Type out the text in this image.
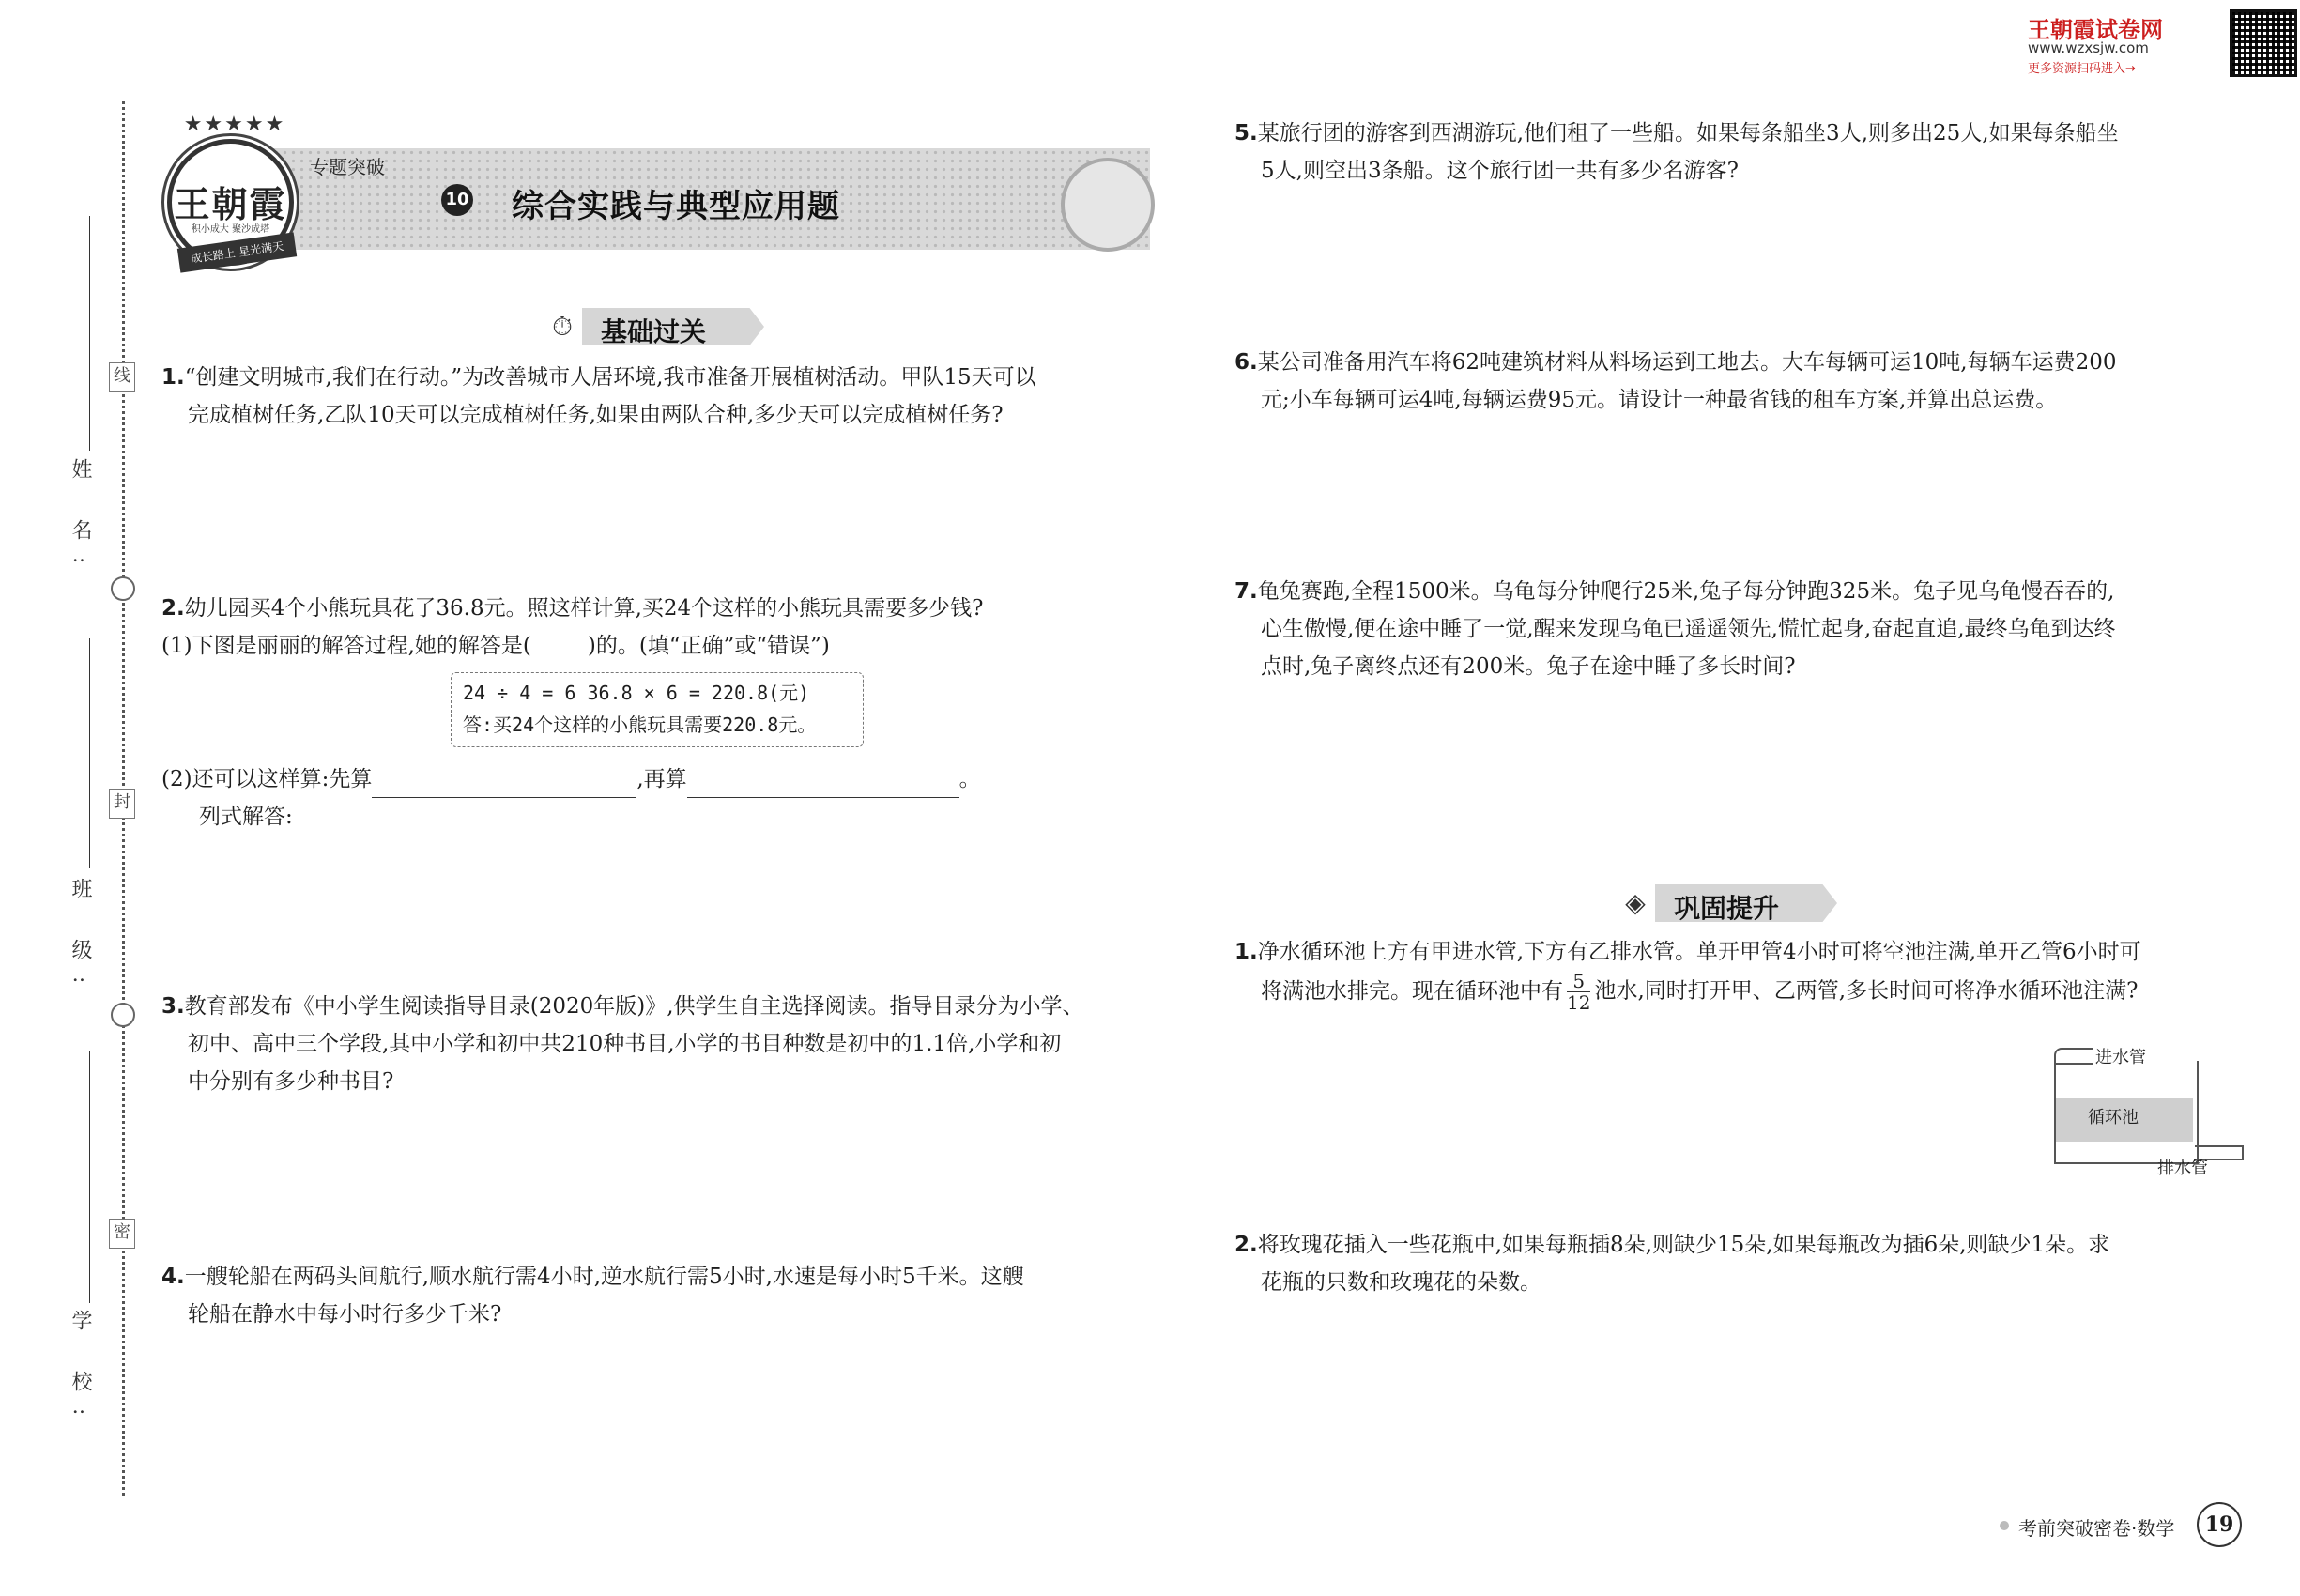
王朝霞试卷网
www.wzxsjw.com
更多资源扫码进入→
线
封
密
姓 名:
班 级:
学 校:
★★★★★
王朝霞
积小成大 聚沙成塔
成长路上 星光满天
专题突破
10 综合实践与典型应用题
⏱ 基础过关
1.“创建文明城市,我们在行动。”为改善城市人居环境,我市准备开展植树活动。甲队15天可以
完成植树任务,乙队10天可以完成植树任务,如果由两队合种,多少天可以完成植树任务?
2.幼儿园买4个小熊玩具花了36.8元。照这样计算,买24个这样的小熊玩具需要多少钱?
(1)下图是丽丽的解答过程,她的解答是(	)的。(填“正确”或“错误”)
24 ÷ 4 = 6 36.8 × 6 = 220.8(元)
答:买24个这样的小熊玩具需要220.8元。
(2)还可以这样算:先算	,再算	。
列式解答:
3.教育部发布《中小学生阅读指导目录(2020年版)》,供学生自主选择阅读。指导目录分为小学、
初中、高中三个学段,其中小学和初中共210种书目,小学的书目种数是初中的1.1倍,小学和初
中分别有多少种书目?
4.一艘轮船在两码头间航行,顺水航行需4小时,逆水航行需5小时,水速是每小时5千米。这艘
轮船在静水中每小时行多少千米?
5.某旅行团的游客到西湖游玩,他们租了一些船。如果每条船坐3人,则多出25人,如果每条船坐
5人,则空出3条船。这个旅行团一共有多少名游客?
6.某公司准备用汽车将62吨建筑材料从料场运到工地去。大车每辆可运10吨,每辆车运费200
元;小车每辆可运4吨,每辆运费95元。请设计一种最省钱的租车方案,并算出总运费。
7.龟兔赛跑,全程1500米。乌龟每分钟爬行25米,兔子每分钟跑325米。兔子见乌龟慢吞吞的,
心生傲慢,便在途中睡了一觉,醒来发现乌龟已遥遥领先,慌忙起身,奋起直追,最终乌龟到达终
点时,兔子离终点还有200米。兔子在途中睡了多长时间?
◈ 巩固提升
1.净水循环池上方有甲进水管,下方有乙排水管。单开甲管4小时可将空池注满,单开乙管6小时可
将满池水排完。现在循环池中有 $\frac{5}{12}$ 池水,同时打开甲、乙两管,多长时间可将净水循环池注满?
循环池
进水管
排水管
2.将玫瑰花插入一些花瓶中,如果每瓶插8朵,则缺少15朵,如果每瓶改为插6朵,则缺少1朵。求
花瓶的只数和玫瑰花的朵数。
考前突破密卷·数学	19
